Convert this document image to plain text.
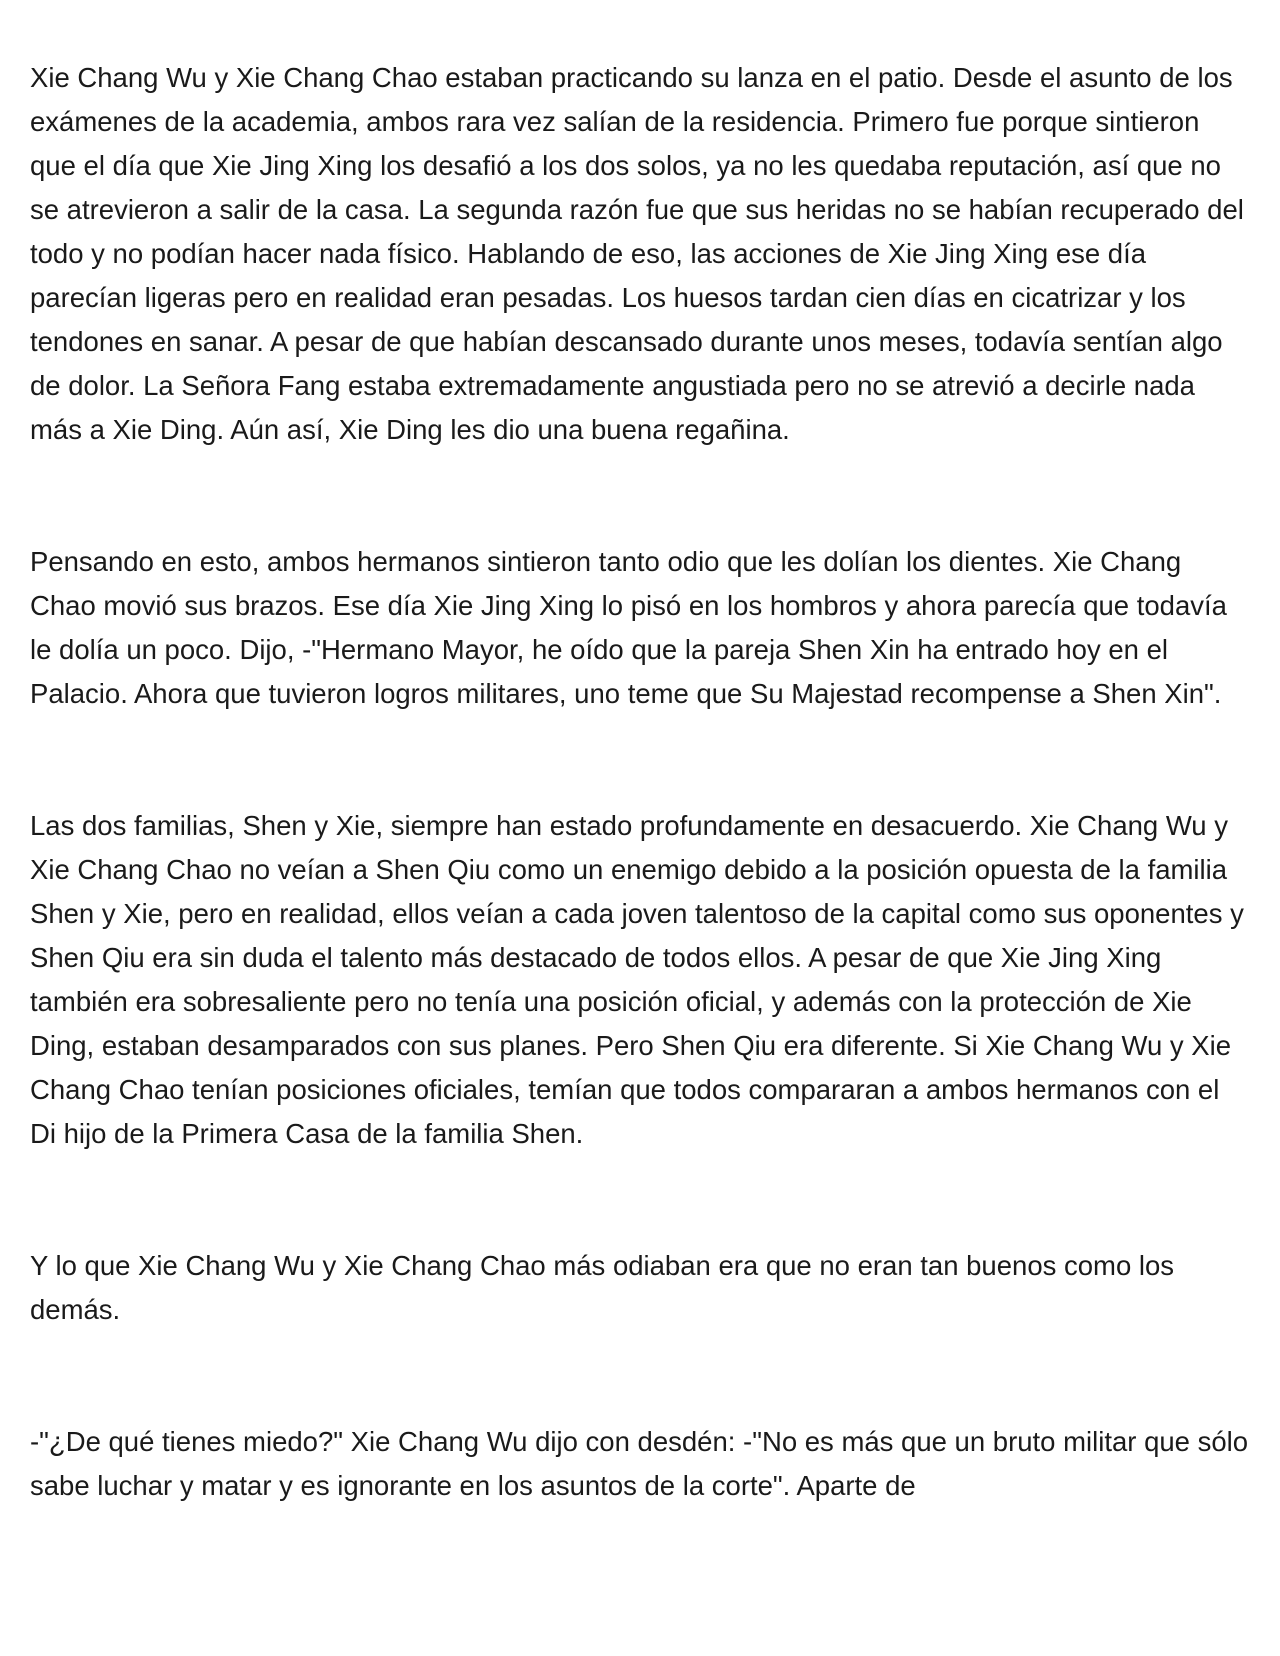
Xie Chang Wu y Xie Chang Chao estaban practicando su lanza en el patio. Desde el asunto de los exámenes de la academia, ambos rara vez salían de la residencia. Primero fue porque sintieron que el día que Xie Jing Xing los desafió a los dos solos, ya no les quedaba reputación, así que no se atrevieron a salir de la casa. La segunda razón fue que sus heridas no se habían recuperado del todo y no podían hacer nada físico. Hablando de eso, las acciones de Xie Jing Xing ese día parecían ligeras pero en realidad eran pesadas. Los huesos tardan cien días en cicatrizar y los tendones en sanar. A pesar de que habían descansado durante unos meses, todavía sentían algo de dolor. La Señora Fang estaba extremadamente angustiada pero no se atrevió a decirle nada más a Xie Ding. Aún así, Xie Ding les dio una buena regañina.

Pensando en esto, ambos hermanos sintieron tanto odio que les dolían los dientes. Xie Chang Chao movió sus brazos. Ese día Xie Jing Xing lo pisó en los hombros y ahora parecía que todavía le dolía un poco. Dijo, -"Hermano Mayor, he oído que la pareja Shen Xin ha entrado hoy en el Palacio. Ahora que tuvieron logros militares, uno teme que Su Majestad recompense a Shen Xin".

Las dos familias, Shen y Xie, siempre han estado profundamente en desacuerdo. Xie Chang Wu y Xie Chang Chao no veían a Shen Qiu como un enemigo debido a la posición opuesta de la familia Shen y Xie, pero en realidad, ellos veían a cada joven talentoso de la capital como sus oponentes y Shen Qiu era sin duda el talento más destacado de todos ellos. A pesar de que Xie Jing Xing también era sobresaliente pero no tenía una posición oficial, y además con la protección de Xie Ding, estaban desamparados con sus planes. Pero Shen Qiu era diferente. Si Xie Chang Wu y Xie Chang Chao tenían posiciones oficiales, temían que todos compararan a ambos hermanos con el Di hijo de la Primera Casa de la familia Shen.

Y lo que Xie Chang Wu y Xie Chang Chao más odiaban era que no eran tan buenos como los demás.

-"¿De qué tienes miedo?" Xie Chang Wu dijo con desdén: -"No es más que un bruto militar que sólo sabe luchar y matar y es ignorante en los asuntos de la corte". Aparte de
